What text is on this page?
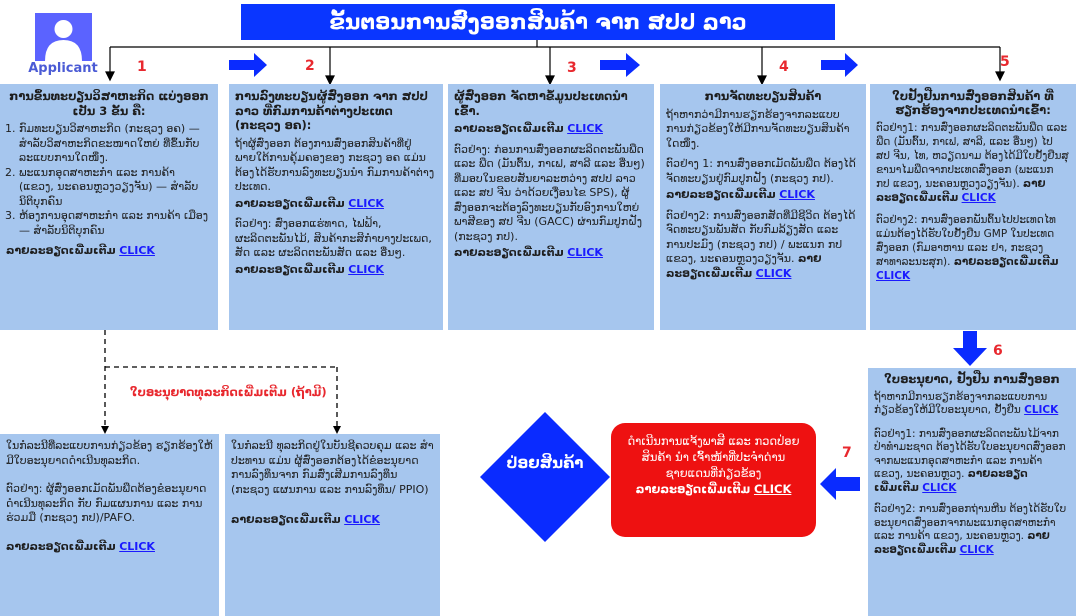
ຂັ້ນຕອນການສົ່ງອອກສິນຄ້າ ຈາກ ສປປ ລາວ
Applicant	1	2	3	4	5
6
7
ການຂຶ້ນທະບຽນວິສາຫະກິດ ແບ່ງອອກເປັນ 3 ຂັ້ນ ຄື:
1. ກົມທະບຽນວິສາຫະກິດ (ກະຊວງ ອຄ) — ສໍາລັບວິສາຫະກິດຂະໜາດໃຫຍ່ ທີ່ຂຶ້ນກັບລະແບບການໃດໜຶ່ງ.
2. ພະແນກອຸດສາຫະກໍາ ແລະ ການຄ້າ (ແຂວງ, ນະຄອນຫຼວງວຽງຈັນ) — ສໍາລັບນິຕິບຸກຄົນ
3. ຫ້ອງການອຸດສາຫະກໍາ ແລະ ການຄ້າ ເມືອງ — ສໍາລັບນິຕິບຸກຄົນ

ລາຍລະອຽດເພີ່ມເຕີມ CLICK

ການລົງທະບຽນຜູ້ສົ່ງອອກ ຈາກ ສປປ ລາວ ທີ່ກົມການຄ້າຕ່າງປະເທດ (ກະຊວງ ອຄ):

ຖ້າຜູ້ສົ່ງອອກ ຕ້ອງການສົ່ງອອກສິນຄ້າທີ່ຢູ່ພາຍໃຕ້ການຄຸ້ມຄອງຂອງ ກະຊວງ ອຄ ແມ່ນຕ້ອງໄດ້ຮັບການລົງທະບຽນນໍາ ກົມການຄ້າຕ່າງປະເທດ.

ລາຍລະອຽດເພີ່ມເຕີມ CLICK

ຕົວຢ່າງ: ສົ່ງອອກແຮ່ທາດ, ໄຟຟ້າ, ຜະລິດຕະພັນໄມ້, ສິນຄ້າກະສິກໍາບາງປະເພດ, ສັດ ແລະ ຜະລິດຕະພັນສັດ ແລະ ອື່ນໆ.

ລາຍລະອຽດເພີ່ມເຕີມ CLICK

ຜູ້ສົ່ງອອກ ຈັດຫາຂໍ້ມູນປະເທດນໍາເຂົ້າ.

ລາຍລະອຽດເພີ່ມເຕີມ CLICK

ຕົວຢ່າງ: ກ່ອນການສົ່ງອອກຜະລິດຕະພັນພືດ ແລະ ພືດ (ມັນຕົ້ນ, ກາເຟ, ສາລີ ແລະ ອື່ນໆ) ທີ່ມອບໃນຂອບສັນຍາລະຫວ່າງ ສປປ ລາວ ແລະ ສປ ຈີນ ວ່າດ້ວຍເງື່ອນໄຂ SPS), ຜູ້ສົ່ງອອກຈະຕ້ອງລົງທະບຽນກັບອົງການໃຫຍ່ພາສີຂອງ ສປ ຈີນ (GACC) ຜ່ານກົມປູກຝັງ (ກະຊວງ ກປ).

ລາຍລະອຽດເພີ່ມເຕີມ CLICK

ການຈັດທະບຽນສິນຄ້າ

ຖ້າຫາກວ່າມີການຮຽກຮ້ອງຈາກລະແບບການກ່ຽວຂ້ອງໃຫ້ມີການຈັດທະບຽນສິນຄ້າໃດໜຶ່ງ.

ຕົວຢ່າງ 1: ການສົ່ງອອກເມັດພັນພືດ ຕ້ອງໄດ້ຈັດທະບຽນຢູ່ກົມປູກຝັງ (ກະຊວງ ກປ).

ລາຍລະອຽດເພີ່ມເຕີມ CLICK

ຕົວຢ່າງ2: ການສົ່ງອອກສັດທີ່ມີຊີວິດ ຕ້ອງໄດ້ຈົດທະບຽນພັນສັດ ກັບກົມລ້ຽງສັດ ແລະ ການປະມົງ (ກະຊວງ ກປ) / ພະແນກ ກປ ແຂວງ, ນະຄອນຫຼວງວຽງຈັນ. ລາຍລະອຽດເພີ່ມເຕີມ CLICK

ໃບຢັ້ງຢືນການສົ່ງອອກສິນຄ້າ ທີ່ຮຽກຮ້ອງຈາກປະເທດນໍາເຂົ້າ:

ຕົວຢ່າງ1: ການສົ່ງອອກຜະລິດຕະພັນພືດ ແລະ ພືດ (ມັນຕົ້ນ, ກາເຟ, ສາລີ, ແລະ ອື່ນໆ) ໄປ ສປ ຈີນ, ໄທ, ຫວຽດນາມ ຕ້ອງໄດ້ມີໃບຢັ້ງຢືນສຸຂານາໄມພືດຈາກປະເທດສົ່ງອອກ (ພະແນກ ກປ ແຂວງ, ນະຄອນຫຼວງວຽງຈັນ). ລາຍລະອຽດເພີ່ມເຕີມ CLICK

ຕົວຢ່າງ2: ການສົ່ງອອກພັນຕົ້ນໄປປະເທດໄທ ແມ່ນຕ້ອງໄດ້ຮັບໃບຢັ້ງຢືນ GMP ໃນປະເທດສົ່ງອອກ (ກົມອາຫານ ແລະ ຢາ, ກະຊວງສາທາລະນະສຸກ). ລາຍລະອຽດເພີ່ມເຕີມ CLICK

ໃບອະນຸຍາດ, ຢັ້ງຢືນ ການສົ່ງອອກ

ຖ້າຫາກມີການຮຽກຮ້ອງຈາກລະແບບການກ່ຽວຂ້ອງໃຫ້ມີໃບອະນຸຍາດ, ຢັ້ງຢືນ CLICK

ຕົວຢ່າງ1: ການສົ່ງອອກຜະລິດຕະພັນໄມ້ຈາກປ່າທໍາມະຊາດ ຕ້ອງໄດ້ຮັບໃບອະນຸຍາດສົ່ງອອກຈາກພະແນກອຸດສາຫະກໍາ ແລະ ການຄ້າ ແຂວງ, ນະຄອນຫຼວງ. ລາຍລະອຽດເພີ່ມເຕີມ CLICK

ຕົວຢ່າງ2: ການສົ່ງອອກຖ່ານຫີນ ຕ້ອງໄດ້ຮັບໃບອະນຸຍາດສົ່ງອອກຈາກພະແນກອຸດສາຫະກໍາ ແລະ ການຄ້າ ແຂວງ, ນະຄອນຫຼວງ. ລາຍລະອຽດເພີ່ມເຕີມ CLICK

ດໍາເນີນການແຈ້ງພາສີ ແລະ ກວດປ່ອຍສິນຄ້າ ນໍາ ເຈົ້າໜ້າທີ່ປະຈໍາດ່ານ ຊາຍແດນທີ່ກ່ຽວຂ້ອງ
ລາຍລະອຽດເພີ່ມເຕີມ CLICK
ປ່ອຍສິນຄ້າ
ໃບອະນຸຍາດທຸລະກິດເພີ່ມເຕີມ (ຖ້າມີ)

ໃນກໍລະນີທີ່ລະແບບການກ່ຽວຂ້ອງ ຮຽກຮ້ອງໃຫ້ມີໃບອະນຸຍາດດໍາເນີນທຸລະກິດ.

ຕົວຢ່າງ: ຜູ້ສົ່ງອອກເມັດພັນພືດຕ້ອງຂໍອະນຸຍາດດໍາເນີນທຸລະກິດ ກັບ ກົມແຜນການ ແລະ ການຮ່ວມມື (ກະຊວງ ກປ)/PAFO.

ລາຍລະອຽດເພີ່ມເຕີມ CLICK

ໃນກໍລະນີ ທຸລະກິດຢູ່ໃນບັນຊີຄວບຄຸມ ແລະ ສໍາປະທານ ແມ່ນ ຜູ້ສົ່ງອອກຕ້ອງໄດ້ຂໍອະນຸຍາດການລົງທຶນຈາກ ກົມສົ່ງເສີມການລົງທຶນ (ກະຊວງ ແຜນການ ແລະ ການລົງທຶນ/ PPIO)

ລາຍລະອຽດເພີ່ມເຕີມ CLICK
